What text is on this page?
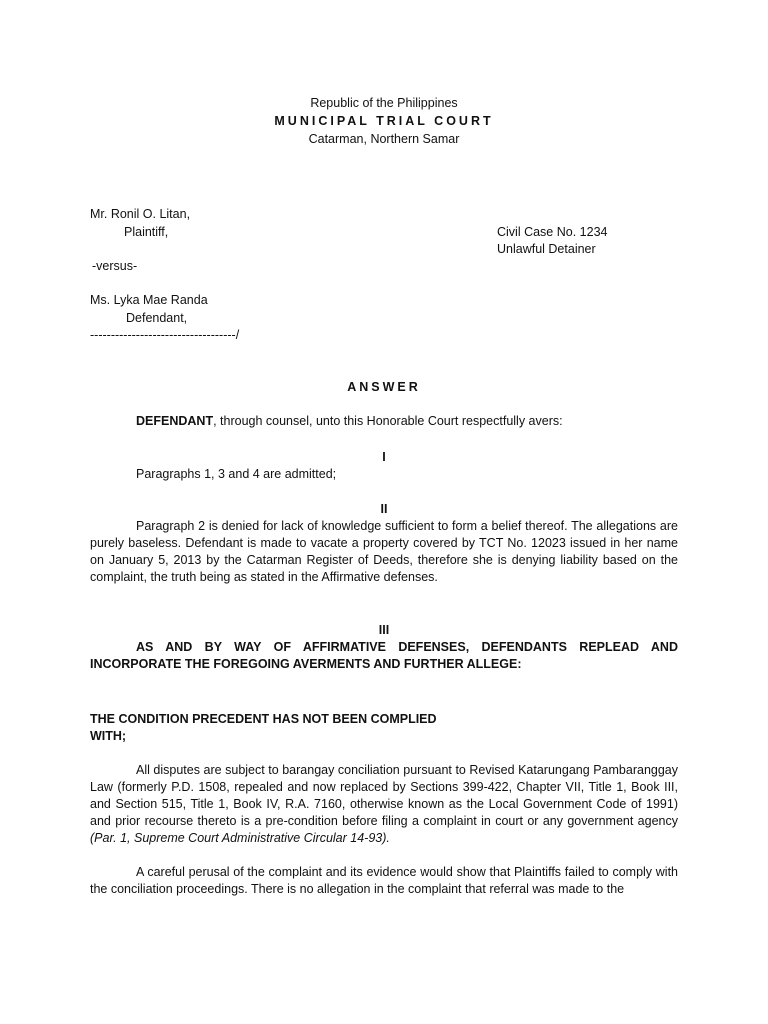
Republic of the Philippines
MUNICIPAL TRIAL COURT
Catarman, Northern Samar
Mr. Ronil O. Litan,
Plaintiff,	Civil Case No. 1234
Unlawful Detainer
-versus-
Ms. Lyka Mae Randa
Defendant,
-----------------------------------/
ANSWER
DEFENDANT, through counsel, unto this Honorable Court respectfully avers:
I
Paragraphs 1, 3 and 4 are admitted;
II
Paragraph 2 is denied for lack of knowledge sufficient to form a belief thereof. The allegations are purely baseless. Defendant is made to vacate a property covered by TCT No. 12023 issued in her name on January 5, 2013 by the Catarman Register of Deeds, therefore she is denying liability based on the complaint, the truth being as stated in the Affirmative defenses.
III
AS AND BY WAY OF AFFIRMATIVE DEFENSES, DEFENDANTS REPLEAD AND INCORPORATE THE FOREGOING AVERMENTS AND FURTHER ALLEGE:
THE CONDITION PRECEDENT HAS NOT BEEN COMPLIED
WITH;
All disputes are subject to barangay conciliation pursuant to Revised Katarungang Pambaranggay Law (formerly P.D. 1508, repealed and now replaced by Sections 399-422, Chapter VII, Title 1, Book III, and Section 515, Title 1, Book IV, R.A. 7160, otherwise known as the Local Government Code of 1991) and prior recourse thereto is a pre-condition before filing a complaint in court or any government agency (Par. 1, Supreme Court Administrative Circular 14-93).
A careful perusal of the complaint and its evidence would show that Plaintiffs failed to comply with the conciliation proceedings. There is no allegation in the complaint that referral was made to the
